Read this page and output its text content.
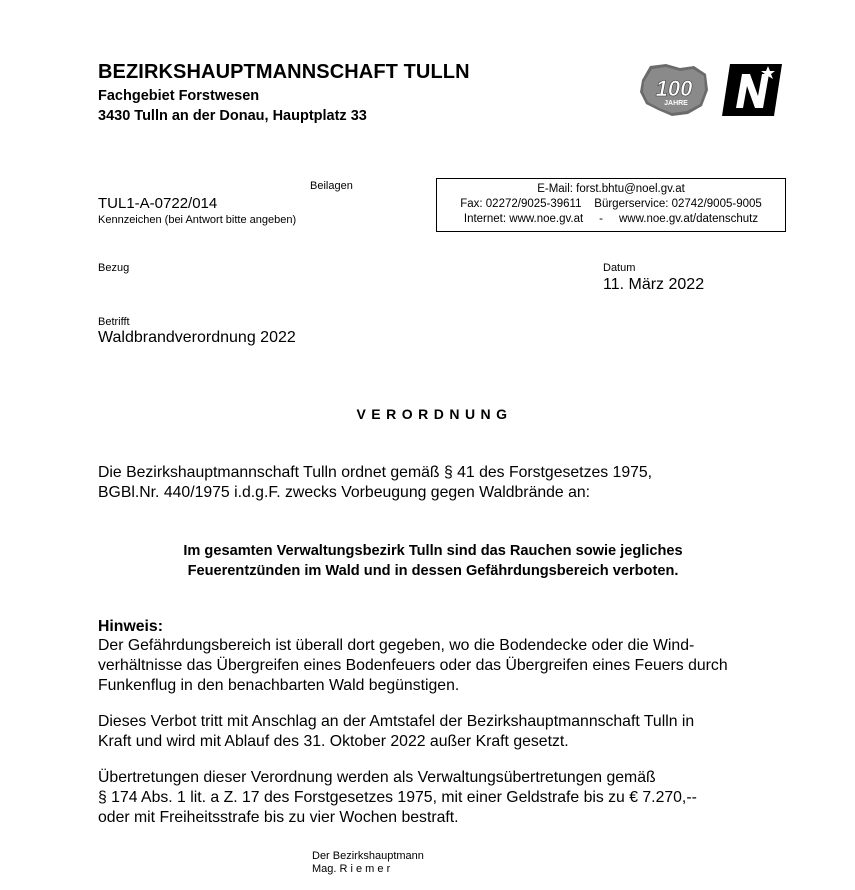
BEZIRKSHAUPTMANNSCHAFT TULLN
Fachgebiet Forstwesen
3430 Tulln an der Donau, Hauptplatz 33
100
JAHRE
Beilagen
TUL1-A-0722/014
Kennzeichen (bei Antwort bitte angeben)
E-Mail: forst.bhtu@noel.gv.at
Fax: 02272/9025-39611    Bürgerservice: 02742/9005-9005
Internet: www.noe.gv.at     -     www.noe.gv.at/datenschutz
Bezug	Datum
11. März 2022
Betrifft
Waldbrandverordnung 2022
VERORDNUNG
Die Bezirkshauptmannschaft Tulln ordnet gemäß § 41 des Forstgesetzes 1975,
BGBl.Nr. 440/1975 i.d.g.F. zwecks Vorbeugung gegen Waldbrände an:
Im gesamten Verwaltungsbezirk Tulln sind das Rauchen sowie jegliches
Feuerentzünden im Wald und in dessen Gefährdungsbereich verboten.
Hinweis:
Der Gefährdungsbereich ist überall dort gegeben, wo die Bodendecke oder die Wind-
verhältnisse das Übergreifen eines Bodenfeuers oder das Übergreifen eines Feuers durch
Funkenflug in den benachbarten Wald begünstigen.
Dieses Verbot tritt mit Anschlag an der Amtstafel der Bezirkshauptmannschaft Tulln in
Kraft und wird mit Ablauf des 31. Oktober 2022 außer Kraft gesetzt.
Übertretungen dieser Verordnung werden als Verwaltungsübertretungen gemäß
§ 174 Abs. 1 lit. a Z. 17 des Forstgesetzes 1975, mit einer Geldstrafe bis zu € 7.270,--
oder mit Freiheitsstrafe bis zu vier Wochen bestraft.
Der Bezirkshauptmann
Mag. R i e m e r
